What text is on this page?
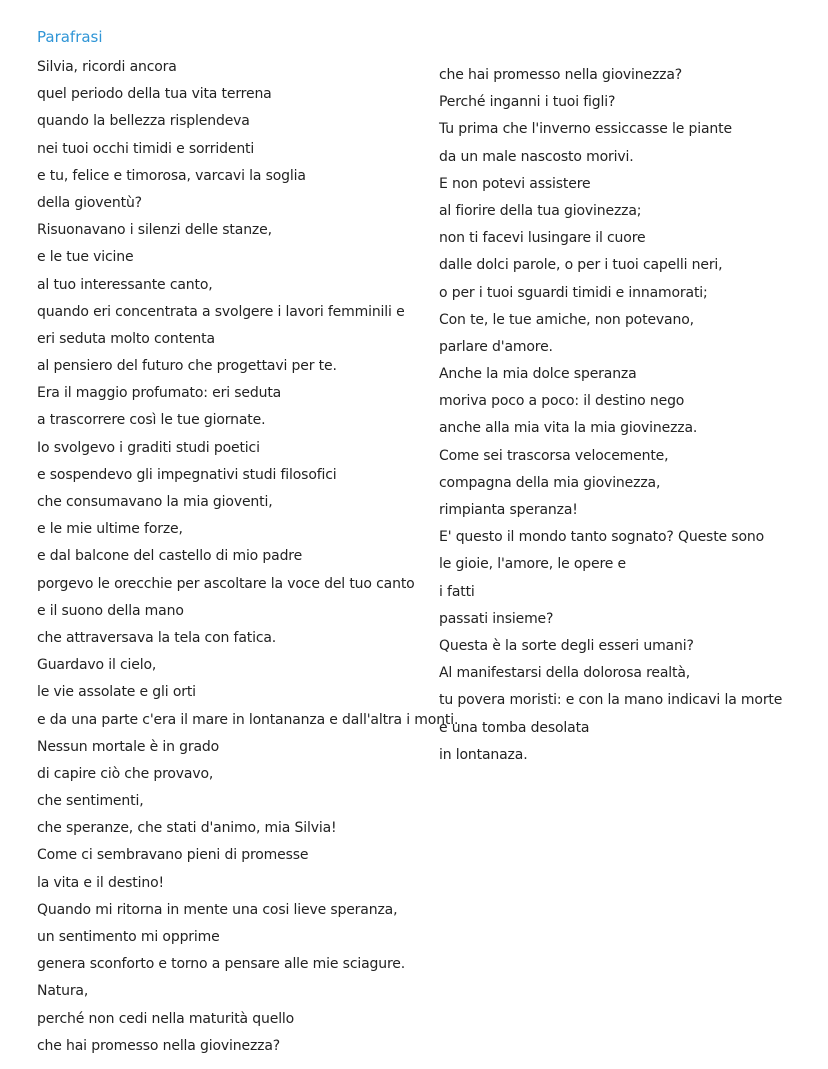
Parafrasi
Silvia, ricordi ancora
quel periodo della tua vita terrena
quando la bellezza risplendeva
nei tuoi occhi timidi e sorridenti
e tu, felice e timorosa, varcavi la soglia
della gioventù?
Risuonavano i silenzi delle stanze,
e le tue vicine
al tuo interessante canto,
quando eri concentrata a svolgere i lavori femminili e
eri seduta molto contenta
al pensiero del futuro che progettavi per te.
Era il maggio profumato: eri seduta
a trascorrere così le tue giornate.
Io svolgevo i graditi studi poetici
e sospendevo gli impegnativi studi filosofici
che consumavano la mia gioventi,
e le mie ultime forze,
e dal balcone del castello di mio padre
porgevo le orecchie per ascoltare la voce del tuo canto
e il suono della mano
che attraversava la tela con fatica.
Guardavo il cielo,
le vie assolate e gli orti
e da una parte c'era il mare in lontananza e dall'altra i monti.
Nessun mortale è in grado
di capire ciò che provavo,
che sentimenti,
che speranze, che stati d'animo, mia Silvia!
Come ci sembravano pieni di promesse
la vita e il destino!
Quando mi ritorna in mente una cosi lieve speranza,
un sentimento mi opprime
genera sconforto e torno a pensare alle mie sciagure.
Natura,
perché non cedi nella maturità quello
che hai promesso nella giovinezza?
che hai promesso nella giovinezza?
Perché inganni i tuoi figli?
Tu prima che l'inverno essiccasse le piante
da un male nascosto morivi.
E non potevi assistere
al fiorire della tua giovinezza;
non ti facevi lusingare il cuore
dalle dolci parole, o per i tuoi capelli neri,
o per i tuoi sguardi timidi e innamorati;
Con te, le tue amiche, non potevano,
parlare d'amore.
Anche la mia dolce speranza
moriva poco a poco: il destino nego
anche alla mia vita la mia giovinezza.
Come sei trascorsa velocemente,
compagna della mia giovinezza,
rimpianta speranza!
E' questo il mondo tanto sognato? Queste sono
le gioie, l'amore, le opere e
i fatti
passati insieme?
Questa è la sorte degli esseri umani?
Al manifestarsi della dolorosa realtà,
tu povera moristi: e con la mano indicavi la morte
e una tomba desolata
in lontanaza.
